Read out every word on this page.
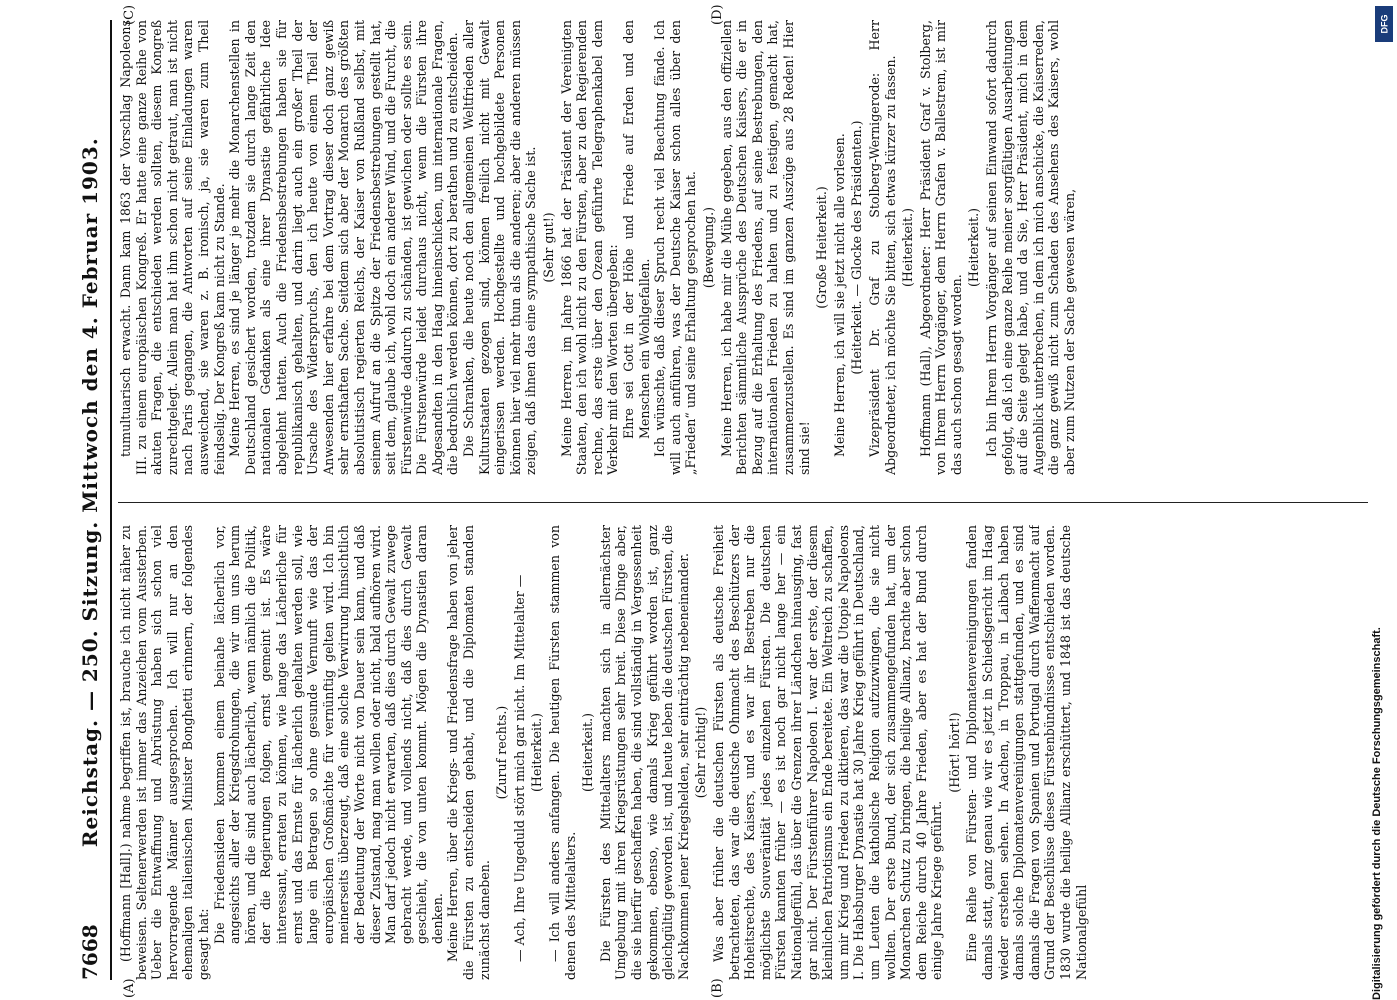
7668
Reichstag. — 250. Sitzung. Mittwoch den 4. Februar 1903.
(A)	(B)
(C)	(D)

(Hoffmann [Hall].) nahme begriffen ist, brauche ich nicht näher zu beweisen. Seltenerwerden ist immer das Anzeichen vom Aussterben. Ueber die Entwaffnung und Abrüstung haben sich schon viel hervorragende Männer ausgesprochen. Ich will nur an den ehemaligen italienischen Minister Bonghetti erinnern, der folgendes gesagt hat:

Die Friedensideen kommen einem beinahe lächerlich vor, angesichts aller der Kriegsdrohungen, die wir um uns herum hören, und die sind auch lächerlich, wenn nämlich die Politik, der die Regierungen folgen, ernst gemeint ist. Es wäre interessant, erraten zu können, wie lange das Lächerliche für ernst und das Ernste für lächerlich gehalten werden soll, wie lange ein Betragen so ohne gesunde Vernunft wie das der europäischen Großmächte für vernünftig gelten wird. Ich bin meinerseits überzeugt, daß eine solche Verwirrung hinsichtlich der Bedeutung der Worte nicht von Dauer sein kann, und daß dieser Zustand, mag man wollen oder nicht, bald aufhören wird. Man darf jedoch nicht erwarten, daß dies durch Gewalt zuwege gebracht werde, und vollends nicht, daß dies durch Gewalt geschieht, die von unten kommt. Mögen die Dynastien daran denken. Meine Herren, über die Kriegs- und Friedensfrage haben von jeher die Fürsten zu entscheiden gehabt, und die Diplomaten standen zunächst daneben.

(Zuruf rechts.) — Ach, Ihre Ungeduld stört mich gar nicht. Im Mittelalter — (Heiterkeit.) — Ich will anders anfangen. Die heutigen Fürsten stammen von denen des Mittelalters.

(Heiterkeit.) Die Fürsten des Mittelalters machten sich in allernächster Umgebung mit ihren Kriegsrüstungen sehr breit. Diese Dinge aber, die sie hierfür geschaffen haben, die sind vollständig in Vergessenheit gekommen, ebenso, wie damals Krieg geführt worden ist, ganz gleichgültig geworden ist, und heute leben die deutschen Fürsten, die Nachkommen jener Kriegshelden, sehr einträchtig nebeneinander. (Sehr richtig!) Was aber früher die deutschen Fürsten als deutsche Freiheit betrachteten, das war die deutsche Ohnmacht des Beschützers der Hoheitsrechte, des Kaisers, und es war ihr Bestreben nur die möglichste Souveränität jedes einzelnen Fürsten. Die deutschen Fürsten kannten früher — es ist noch gar nicht lange her — ein Nationalgefühl, das über die Grenzen ihrer Ländchen hinausging, fast gar nicht. Der Fürstenführer Napoleon I. war der erste, der diesem kleinlichen Patriotismus ein Ende bereitete. Ein Weltreich zu schaffen, um mir Krieg und Frieden zu diktieren, das war die Utopie Napoleons I. Die Habsburger Dynastie hat 30 Jahre Krieg geführt in Deutschland, um Leuten die katholische Religion aufzuzwingen, die sie nicht wollten. Der erste Bund, der sich zusammengefunden hat, um der Monarchen Schutz zu bringen, die heilige Allianz, brachte aber schon dem Reiche durch 40 Jahre Frieden, aber es hat der Bund durch einige Jahre Kriege geführt.

(Hört! hört!) Eine Reihe von Fürsten- und Diplomatenvereinigungen fanden damals statt, ganz genau wie wir es jetzt in Schiedsgericht im Haag wieder erstehen sehen. In Aachen, in Troppau, in Laibach haben damals solche Diplomatenvereinigungen stattgefunden, und es sind damals die Fragen von Spanien und Portugal durch Waffenmacht auf Grund der Beschlüsse dieses Fürstenbündnisses entschieden worden. 1830 wurde die heilige Allianz erschüttert, und 1848 ist das deutsche Nationalgefühl

tumultuarisch erwacht. Dann kam 1863 der Vorschlag Napoleons III. zu einem europäischen Kongreß. Er hatte eine ganze Reihe von akuten Fragen, die entschieden werden sollten, diesem Kongreß zurechtgelegt. Allein man hat ihm schon nicht getraut, man ist nicht nach Paris gegangen, die Antworten auf seine Einladungen waren ausweichend, sie waren z. B. ironisch, ja, sie waren zum Theil feindselig. Der Kongreß kam nicht zu Stande. Meine Herren, es sind je länger je mehr die Monarchenstellen in Deutschland gesichert worden, trotzdem sie durch lange Zeit den nationalen Gedanken als eine ihrer Dynastie gefährliche Idee abgelehnt hatten. Auch die Friedensbestrebungen haben sie für republikanisch gehalten, und darin liegt auch ein großer Theil der Ursache des Widerspruchs, den ich heute von einem Theil der Anwesenden hier erfahre bei dem Vortrag dieser doch ganz gewiß sehr ernsthaften Sache. Seitdem sich aber der Monarch des größten absolutistisch regierten Reichs, der Kaiser von Rußland selbst, mit seinem Aufruf an die Spitze der Friedensbestrebungen gestellt hat, seit dem, glaube ich, wohl doch ein anderer Wind, und die Furcht, die Fürstenwürde dadurch zu schänden, ist gewichen oder sollte es sein. Die Fürstenwürde leidet durchaus nicht, wenn die Fürsten ihre Abgesandten in den Haag hineinschicken, um internationale Fragen, die bedrohlich werden können, dort zu berathen und zu entscheiden. Die Schranken, die heute noch den allgemeinen Weltfrieden aller Kulturstaaten gezogen sind, können freilich nicht mit Gewalt eingerissen werden. Hochgestellte und hochgebildete Personen können hier viel mehr thun als die anderen; aber die anderen müssen zeigen, daß ihnen das eine sympathische Sache ist. (Sehr gut!) Meine Herren, im Jahre 1866 hat der Präsident der Vereinigten Staaten, den ich wohl nicht zu den Fürsten, aber zu den Regierenden rechne, das erste über den Ozean geführte Telegraphenkabel dem Verkehr mit den Worten übergeben: Ehre sei Gott in der Höhe und Friede auf Erden und den Menschen ein Wohlgefallen. Ich wünschte, daß dieser Spruch recht viel Beachtung fände. Ich will auch anführen, was der Deutsche Kaiser schon alles über den „Frieden“ und seine Erhaltung gesprochen hat. (Bewegung.) Meine Herren, ich habe mir die Mühe gegeben, aus den offiziellen Berichten sämmtliche Aussprüche des Deutschen Kaisers, die er in Bezug auf die Erhaltung des Friedens, auf seine Bestrebungen, den internationalen Frieden zu halten und zu festigen, gemacht hat, zusammenzustellen. Es sind im ganzen Auszüge aus 28 Reden! Hier sind sie!

(Große Heiterkeit.) Meine Herren, ich will sie jetzt nicht alle vorlesen. (Heiterkeit. — Glocke des Präsidenten.) Vizepräsident Dr. Graf zu Stolberg-Wernigerode: Herr Abgeordneter, ich möchte Sie bitten, sich etwas kürzer zu fassen. (Heiterkeit.) Hoffmann (Hall), Abgeordneter: Herr Präsident Graf v. Stolberg, von Ihrem Herrn Vorgänger, dem Herrn Grafen v. Ballestrem, ist mir das auch schon gesagt worden.

(Heiterkeit.) Ich bin Ihrem Herrn Vorgänger auf seinen Einwand sofort dadurch gefolgt, daß ich eine ganze Reihe meiner sorgfältigen Ausarbeitungen auf die Seite gelegt habe, und da Sie, Herr Präsident, mich in dem Augenblick unterbrechen, in dem ich mich anschicke, die Kaiserreden, die ganz gewiß nicht zum Schaden des Ansehens des Kaisers, wohl aber zum Nutzen der Sache gewesen wären,

Digitalisierung gefördert durch die Deutsche Forschungsgemeinschaft.
DFG
